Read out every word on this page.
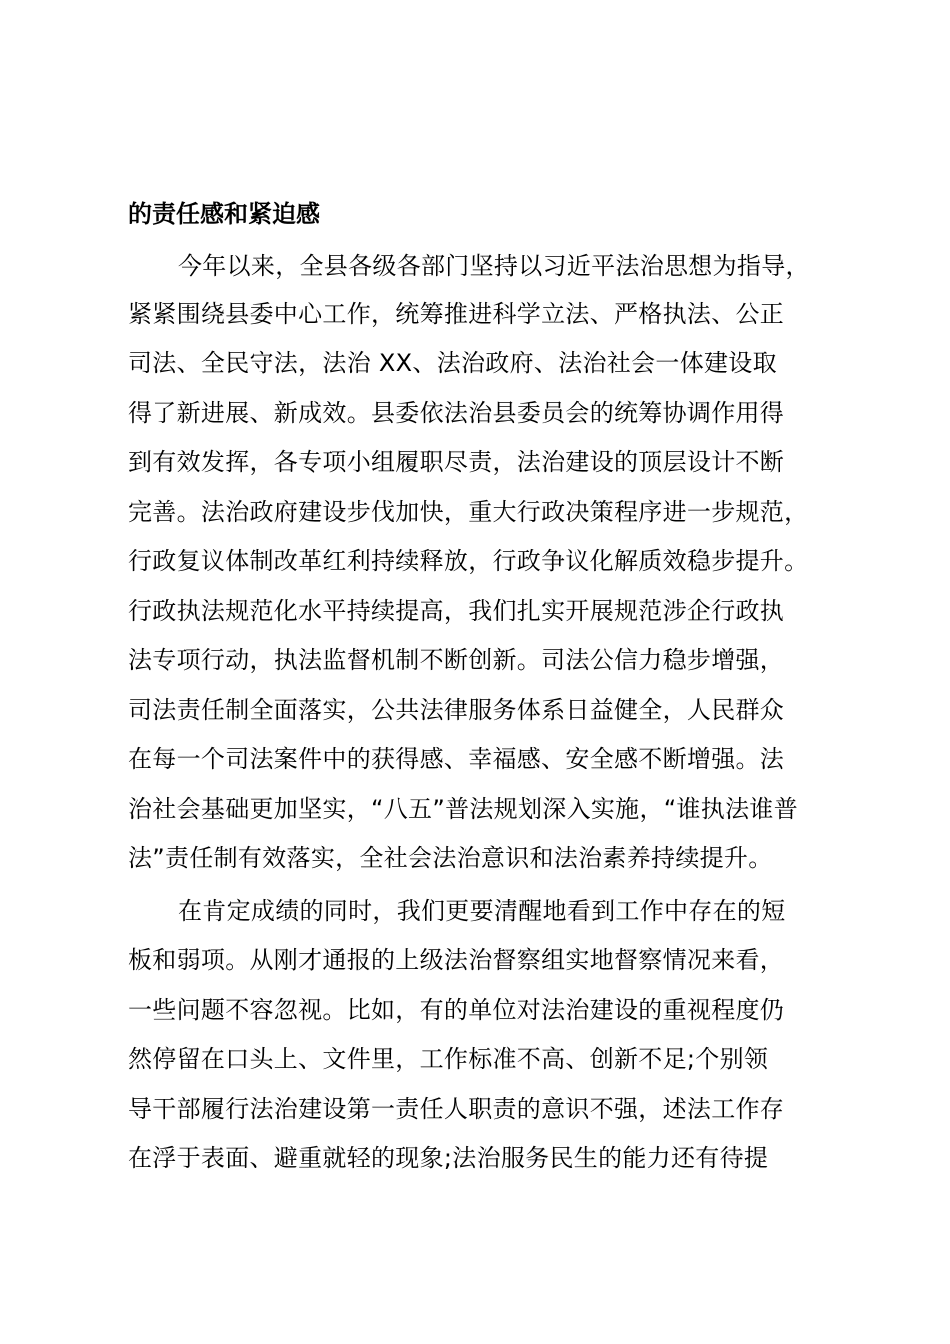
的责任感和紧迫感
今年以来，全县各级各部门坚持以习近平法治思想为指导，
紧紧围绕县委中心工作，统筹推进科学立法、严格执法、公正
司法、全民守法，法治 XX、法治政府、法治社会一体建设取
得了新进展、新成效。县委依法治县委员会的统筹协调作用得
到有效发挥，各专项小组履职尽责，法治建设的顶层设计不断
完善。法治政府建设步伐加快，重大行政决策程序进一步规范，
行政复议体制改革红利持续释放，行政争议化解质效稳步提升。
行政执法规范化水平持续提高，我们扎实开展规范涉企行政执
法专项行动，执法监督机制不断创新。司法公信力稳步增强，
司法责任制全面落实，公共法律服务体系日益健全，人民群众
在每一个司法案件中的获得感、幸福感、安全感不断增强。法
治社会基础更加坚实，“八五”普法规划深入实施，“谁执法谁普
法”责任制有效落实，全社会法治意识和法治素养持续提升。
在肯定成绩的同时，我们更要清醒地看到工作中存在的短
板和弱项。从刚才通报的上级法治督察组实地督察情况来看，
一些问题不容忽视。比如，有的单位对法治建设的重视程度仍
然停留在口头上、文件里，工作标准不高、创新不足;个别领
导干部履行法治建设第一责任人职责的意识不强，述法工作存
在浮于表面、避重就轻的现象;法治服务民生的能力还有待提
